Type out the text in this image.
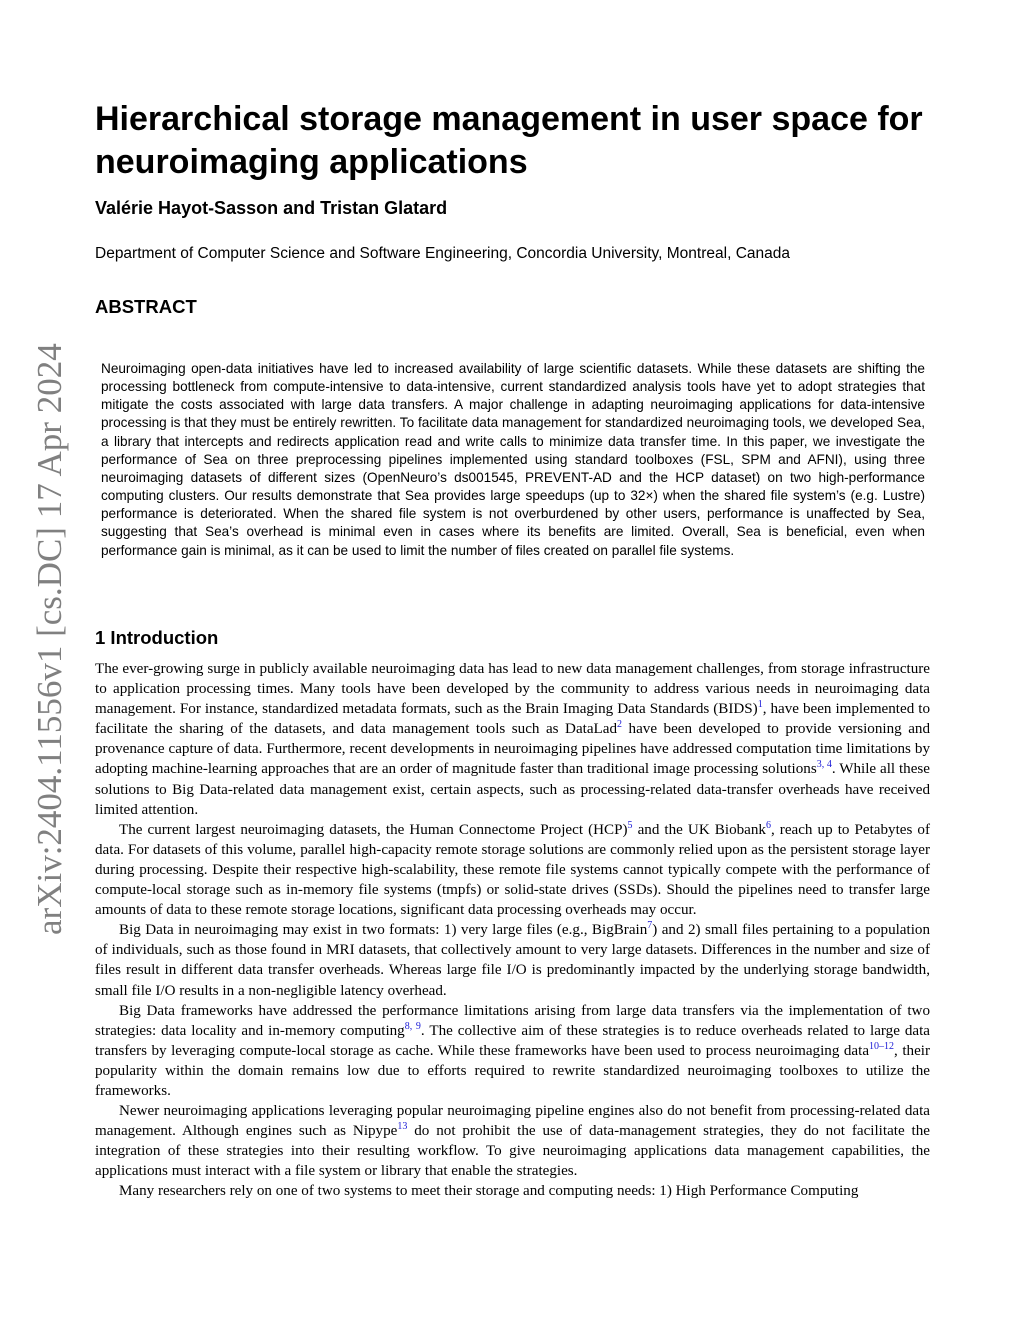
arXiv:2404.11556v1 [cs.DC] 17 Apr 2024
Hierarchical storage management in user space for neuroimaging applications
Valérie Hayot-Sasson and Tristan Glatard
Department of Computer Science and Software Engineering, Concordia University, Montreal, Canada
ABSTRACT

Neuroimaging open-data initiatives have led to increased availability of large scientific datasets. While these datasets are shifting the processing bottleneck from compute-intensive to data-intensive, current standardized analysis tools have yet to adopt strategies that mitigate the costs associated with large data transfers. A major challenge in adapting neuroimaging applications for data-intensive processing is that they must be entirely rewritten. To facilitate data management for standardized neuroimaging tools, we developed Sea, a library that intercepts and redirects application read and write calls to minimize data transfer time. In this paper, we investigate the performance of Sea on three preprocessing pipelines implemented using standard toolboxes (FSL, SPM and AFNI), using three neuroimaging datasets of different sizes (OpenNeuro’s ds001545, PREVENT-AD and the HCP dataset) on two high-performance computing clusters. Our results demonstrate that Sea provides large speedups (up to 32×) when the shared file system’s (e.g. Lustre) performance is deteriorated. When the shared file system is not overburdened by other users, performance is unaffected by Sea, suggesting that Sea’s overhead is minimal even in cases where its benefits are limited. Overall, Sea is beneficial, even when performance gain is minimal, as it can be used to limit the number of files created on parallel file systems.

1 Introduction

The ever-growing surge in publicly available neuroimaging data has lead to new data management challenges, from storage infrastructure to application processing times. Many tools have been developed by the community to address various needs in neuroimaging data management. For instance, standardized metadata formats, such as the Brain Imaging Data Standards (BIDS)$^1$, have been implemented to facilitate the sharing of the datasets, and data management tools such as DataLad$^2$ have been developed to provide versioning and provenance capture of data. Furthermore, recent developments in neuroimaging pipelines have addressed computation time limitations by adopting machine-learning approaches that are an order of magnitude faster than traditional image processing solutions$^{3, 4}$. While all these solutions to Big Data-related data management exist, certain aspects, such as processing-related data-transfer overheads have received limited attention.

The current largest neuroimaging datasets, the Human Connectome Project (HCP)$^5$ and the UK Biobank$^6$, reach up to Petabytes of data. For datasets of this volume, parallel high-capacity remote storage solutions are commonly relied upon as the persistent storage layer during processing. Despite their respective high-scalability, these remote file systems cannot typically compete with the performance of compute-local storage such as in-memory file systems (tmpfs) or solid-state drives (SSDs). Should the pipelines need to transfer large amounts of data to these remote storage locations, significant data processing overheads may occur.

Big Data in neuroimaging may exist in two formats: 1) very large files (e.g., BigBrain$^7$) and 2) small files pertaining to a population of individuals, such as those found in MRI datasets, that collectively amount to very large datasets. Differences in the number and size of files result in different data transfer overheads. Whereas large file I/O is predominantly impacted by the underlying storage bandwidth, small file I/O results in a non-negligible latency overhead.

Big Data frameworks have addressed the performance limitations arising from large data transfers via the implementation of two strategies: data locality and in-memory computing$^{8, 9}$. The collective aim of these strategies is to reduce overheads related to large data transfers by leveraging compute-local storage as cache. While these frameworks have been used to process neuroimaging data$^{10-12}$, their popularity within the domain remains low due to efforts required to rewrite standardized neuroimaging toolboxes to utilize the frameworks.

Newer neuroimaging applications leveraging popular neuroimaging pipeline engines also do not benefit from processing-related data management. Although engines such as Nipype$^{13}$ do not prohibit the use of data-management strategies, they do not facilitate the integration of these strategies into their resulting workflow. To give neuroimaging applications data management capabilities, the applications must interact with a file system or library that enable the strategies.

Many researchers rely on one of two systems to meet their storage and computing needs: 1) High Performance Computing
